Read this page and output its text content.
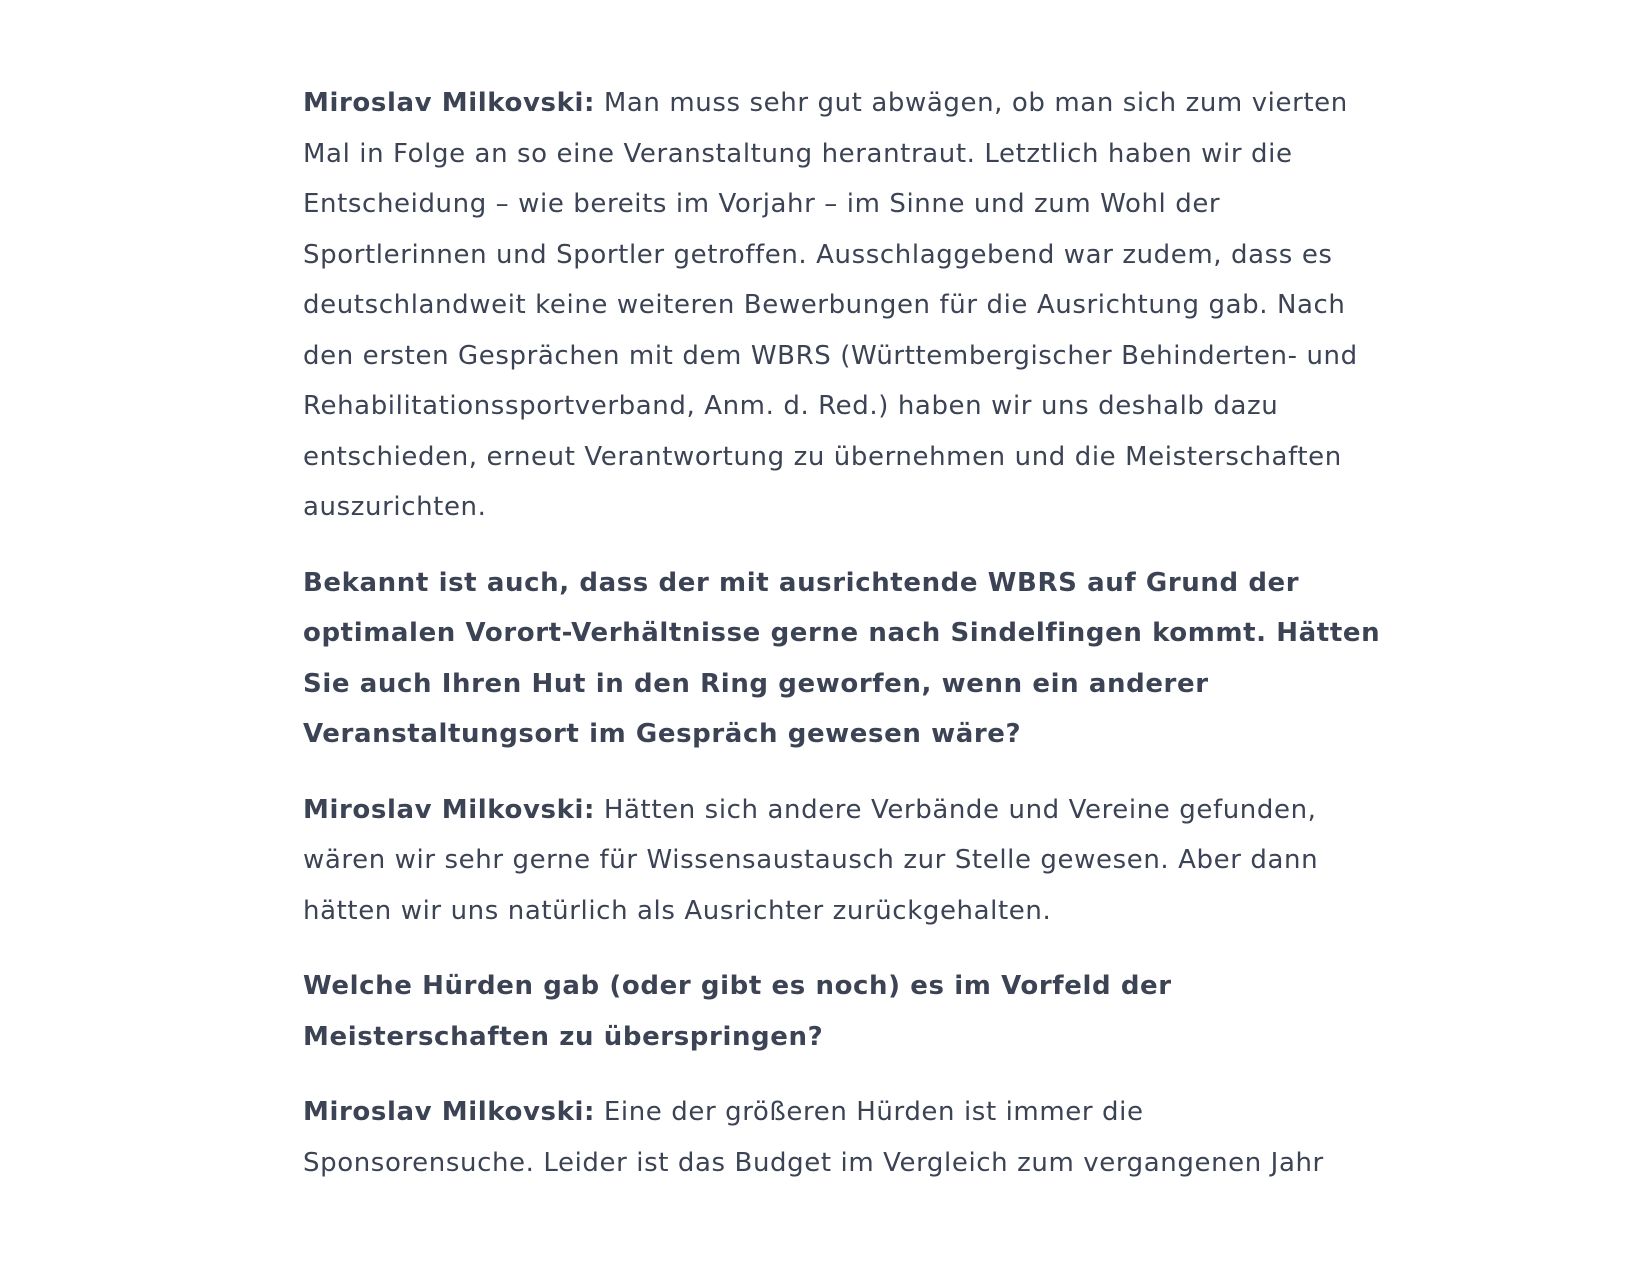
Miroslav Milkovski: Man muss sehr gut abwägen, ob man sich zum vierten Mal in Folge an so eine Veranstaltung herantraut. Letztlich haben wir die Entscheidung – wie bereits im Vorjahr – im Sinne und zum Wohl der Sportlerinnen und Sportler getroffen. Ausschlaggebend war zudem, dass es deutschlandweit keine weiteren Bewerbungen für die Ausrichtung gab. Nach den ersten Gesprächen mit dem WBRS (Württembergischer Behinderten- und Rehabilitationssportverband, Anm. d. Red.) haben wir uns deshalb dazu entschieden, erneut Verantwortung zu übernehmen und die Meisterschaften auszurichten.

Bekannt ist auch, dass der mit ausrichtende WBRS auf Grund der optimalen Vorort-Verhältnisse gerne nach Sindelfingen kommt. Hätten Sie auch Ihren Hut in den Ring geworfen, wenn ein anderer Veranstaltungsort im Gespräch gewesen wäre?

Miroslav Milkovski: Hätten sich andere Verbände und Vereine gefunden, wären wir sehr gerne für Wissensaustausch zur Stelle gewesen. Aber dann hätten wir uns natürlich als Ausrichter zurückgehalten.

Welche Hürden gab (oder gibt es noch) es im Vorfeld der Meisterschaften zu überspringen?

Miroslav Milkovski: Eine der größeren Hürden ist immer die Sponsorensuche. Leider ist das Budget im Vergleich zum vergangenen Jahr
